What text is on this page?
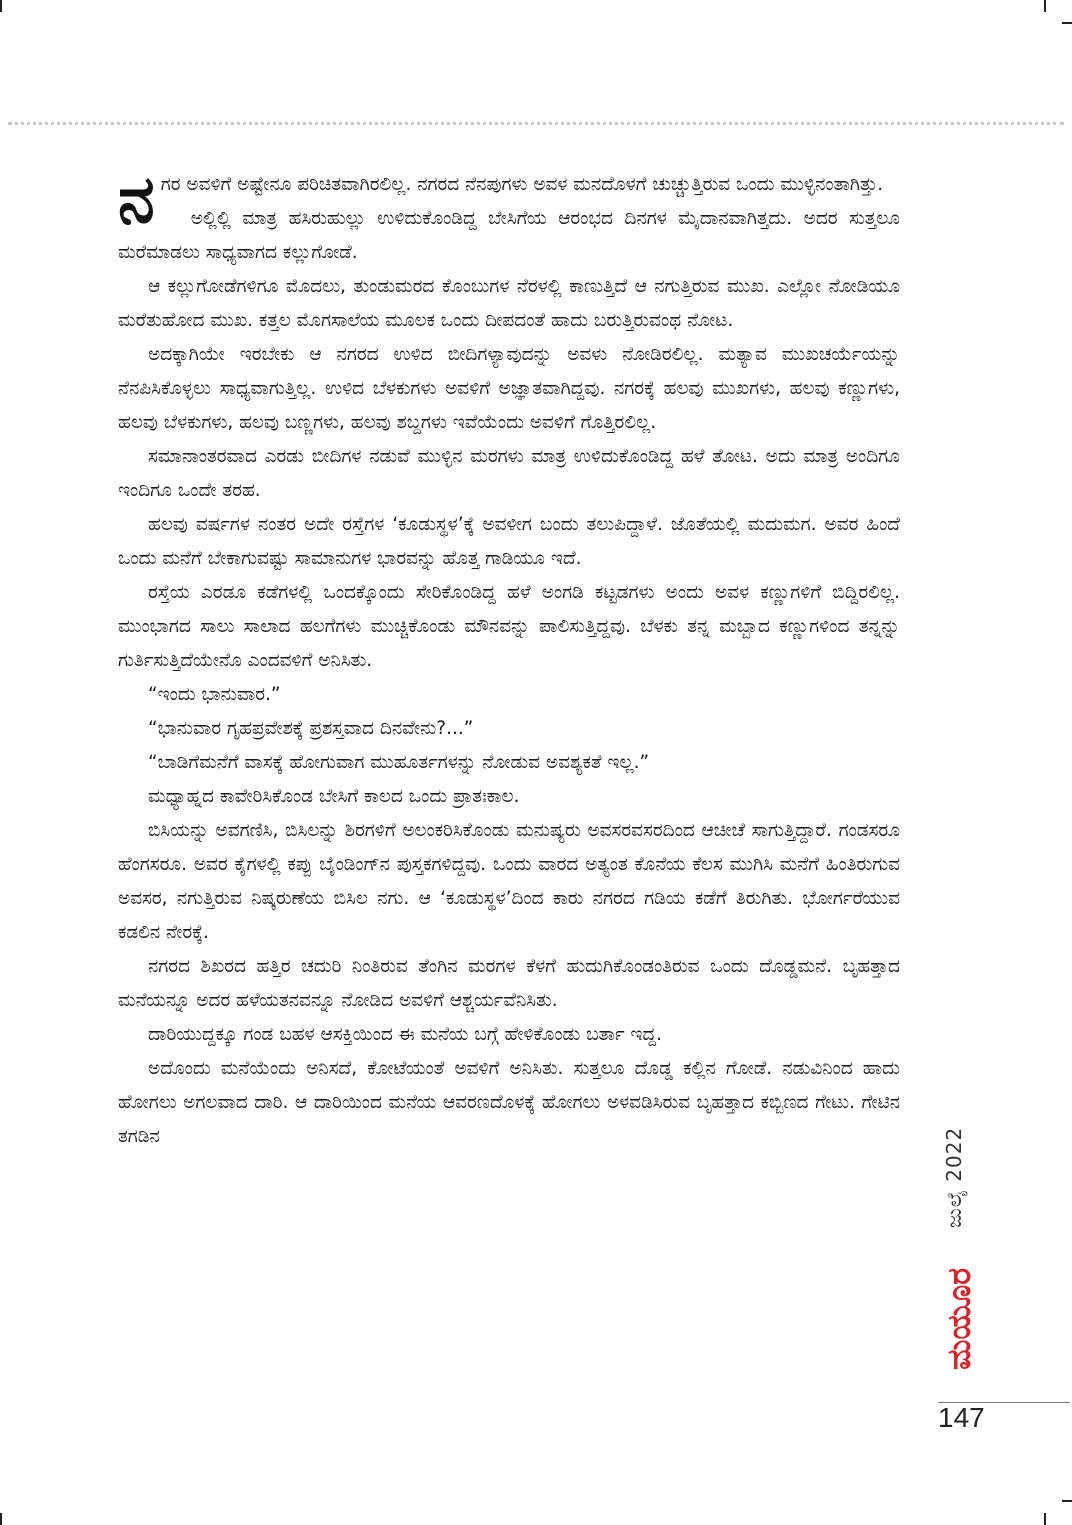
ನಗರ ಅವಳಿಗೆ ಅಷ್ಟೇನೂ ಪರಿಚಿತವಾಗಿರಲಿಲ್ಲ. ನಗರದ ನೆನಪುಗಳು ಅವಳ ಮನದೊಳಗೆ ಚುಚ್ಚುತ್ತಿರುವ ಒಂದು ಮುಳ್ಳಿನಂತಾಗಿತ್ತು.

ಅಲ್ಲಿಲ್ಲಿ ಮಾತ್ರ ಹಸಿರುಹುಲ್ಲು ಉಳಿದುಕೊಂಡಿದ್ದ ಬೇಸಿಗೆಯ ಆರಂಭದ ದಿನಗಳ ಮೈದಾನವಾಗಿತ್ತದು. ಅದರ ಸುತ್ತಲೂ ಮರೆಮಾಡಲು ಸಾಧ್ಯವಾಗದ ಕಲ್ಲುಗೋಡೆ.

ಆ ಕಲ್ಲುಗೋಡೆಗಳಿಗೂ ಮೊದಲು, ತುಂಡುಮರದ ಕೊಂಬುಗಳ ನೆರಳಲ್ಲಿ ಕಾಣುತ್ತಿದೆ ಆ ನಗುತ್ತಿರುವ ಮುಖ. ಎಲ್ಲೋ ನೋಡಿಯೂ ಮರೆತುಹೋದ ಮುಖ. ಕತ್ತಲ ಮೊಗಸಾಲೆಯ ಮೂಲಕ ಒಂದು ದೀಪದಂತೆ ಹಾದು ಬರುತ್ತಿರುವಂಥ ನೋಟ.

ಅದಕ್ಕಾಗಿಯೇ ಇರಬೇಕು ಆ ನಗರದ ಉಳಿದ ಬೀದಿಗಳ್ಯಾವುದನ್ನು ಅವಳು ನೋಡಿರಲಿಲ್ಲ. ಮತ್ಯಾವ ಮುಖಚರ್ಯೆಯನ್ನು ನೆನಪಿಸಿಕೊಳ್ಳಲು ಸಾಧ್ಯವಾಗುತ್ತಿಲ್ಲ. ಉಳಿದ ಬೆಳಕುಗಳು ಅವಳಿಗೆ ಅಜ್ಞಾತವಾಗಿದ್ದವು. ನಗರಕ್ಕೆ ಹಲವು ಮುಖಗಳು, ಹಲವು ಕಣ್ಣುಗಳು, ಹಲವು ಬೆಳಕುಗಳು, ಹಲವು ಬಣ್ಣಗಳು, ಹಲವು ಶಬ್ದಗಳು ಇವೆಯೆಂದು ಅವಳಿಗೆ ಗೊತ್ತಿರಲಿಲ್ಲ.

ಸಮಾನಾಂತರವಾದ ಎರಡು ಬೀದಿಗಳ ನಡುವೆ ಮುಳ್ಳಿನ ಮರಗಳು ಮಾತ್ರ ಉಳಿದುಕೊಂಡಿದ್ದ ಹಳೆ ತೋಟ. ಅದು ಮಾತ್ರ ಅಂದಿಗೂ ಇಂದಿಗೂ ಒಂದೇ ತರಹ.

ಹಲವು ವರ್ಷಗಳ ನಂತರ ಅದೇ ರಸ್ತೆಗಳ ‘ಕೂಡುಸ್ಥಳ’ಕ್ಕೆ ಅವಳೀಗ ಬಂದು ತಲುಪಿದ್ದಾಳೆ. ಜೊತೆಯಲ್ಲಿ ಮದುಮಗ. ಅವರ ಹಿಂದೆ ಒಂದು ಮನೆಗೆ ಬೇಕಾಗುವಷ್ಟು ಸಾಮಾನುಗಳ ಭಾರವನ್ನು ಹೊತ್ತ ಗಾಡಿಯೂ ಇದೆ.

ರಸ್ತೆಯ ಎರಡೂ ಕಡೆಗಳಲ್ಲಿ ಒಂದಕ್ಕೊಂದು ಸೇರಿಕೊಂಡಿದ್ದ ಹಳೆ ಅಂಗಡಿ ಕಟ್ಟಡಗಳು ಅಂದು ಅವಳ ಕಣ್ಣುಗಳಿಗೆ ಬಿದ್ದಿರಲಿಲ್ಲ. ಮುಂಭಾಗದ ಸಾಲು ಸಾಲಾದ ಹಲಗೆಗಳು ಮುಚ್ಚಿಕೊಂಡು ಮೌನವನ್ನು ಪಾಲಿಸುತ್ತಿದ್ದವು. ಬೆಳಕು ತನ್ನ ಮಬ್ಬಾದ ಕಣ್ಣುಗಳಿಂದ ತನ್ನನ್ನು ಗುರ್ತಿಸುತ್ತಿದೆಯೇನೊ ಎಂದವಳಿಗೆ ಅನಿಸಿತು.

“ಇಂದು ಭಾನುವಾರ.”

“ಭಾನುವಾರ ಗೃಹಪ್ರವೇಶಕ್ಕೆ ಪ್ರಶಸ್ತವಾದ ದಿನವೇನು?...”

“ಬಾಡಿಗೆಮನೆಗೆ ವಾಸಕ್ಕೆ ಹೋಗುವಾಗ ಮುಹೂರ್ತಗಳನ್ನು ನೋಡುವ ಅವಶ್ಯಕತೆ ಇಲ್ಲ.”

ಮಧ್ಯಾಹ್ನದ ಕಾವೇರಿಸಿಕೊಂಡ ಬೇಸಿಗೆ ಕಾಲದ ಒಂದು ಪ್ರಾತಃಕಾಲ.

ಬಿಸಿಯನ್ನು ಅವಗಣಿಸಿ, ಬಿಸಿಲನ್ನು ಶಿರಗಳಿಗೆ ಅಲಂಕರಿಸಿಕೊಂಡು ಮನುಷ್ಯರು ಅವಸರವಸರದಿಂದ ಆಚೀಚೆ ಸಾಗುತ್ತಿದ್ದಾರೆ. ಗಂಡಸರೂ ಹೆಂಗಸರೂ. ಅವರ ಕೈಗಳಲ್ಲಿ ಕಪ್ಪು ಬೈಂಡಿಂಗ್‌ನ ಪುಸ್ತಕಗಳಿದ್ದವು. ಒಂದು ವಾರದ ಅತ್ಯಂತ ಕೊನೆಯ ಕೆಲಸ ಮುಗಿಸಿ ಮನೆಗೆ ಹಿಂತಿರುಗುವ ಅವಸರ, ನಗುತ್ತಿರುವ ನಿಷ್ಕರುಣೆಯ ಬಿಸಿಲ ನಗು. ಆ ‘ಕೂಡುಸ್ಥಳ’ದಿಂದ ಕಾರು ನಗರದ ಗಡಿಯ ಕಡೆಗೆ ತಿರುಗಿತು. ಭೋರ್ಗರೆಯುವ ಕಡಲಿನ ನೇರಕ್ಕೆ.

ನಗರದ ಶಿಖರದ ಹತ್ತಿರ ಚದುರಿ ನಿಂತಿರುವ ತೆಂಗಿನ ಮರಗಳ ಕೆಳಗೆ ಹುದುಗಿಕೊಂಡಂತಿರುವ ಒಂದು ದೊಡ್ಡಮನೆ. ಬೃಹತ್ತಾದ ಮನೆಯನ್ನೂ ಅದರ ಹಳೆಯತನವನ್ನೂ ನೋಡಿದ ಅವಳಿಗೆ ಆಶ್ಚರ್ಯವೆನಿಸಿತು.

ದಾರಿಯುದ್ದಕ್ಕೂ ಗಂಡ ಬಹಳ ಆಸಕ್ತಿಯಿಂದ ಈ ಮನೆಯ ಬಗ್ಗೆ ಹೇಳಿಕೊಂಡು ಬರ್ತಾ ಇದ್ದ.

ಅದೊಂದು ಮನೆಯೆಂದು ಅನಿಸದೆ, ಕೋಟೆಯಂತೆ ಅವಳಿಗೆ ಅನಿಸಿತು. ಸುತ್ತಲೂ ದೊಡ್ಡ ಕಲ್ಲಿನ ಗೋಡೆ. ನಡುವಿನಿಂದ ಹಾದು ಹೋಗಲು ಅಗಲವಾದ ದಾರಿ. ಆ ದಾರಿಯಿಂದ ಮನೆಯ ಆವರಣದೊಳಕ್ಕೆ ಹೋಗಲು ಅಳವಡಿಸಿರುವ ಬೃಹತ್ತಾದ ಕಬ್ಬಿಣದ ಗೇಟು. ಗೇಟಿನ ತಗಡಿನ	ಜುಲೈ 2022
ಮಯೂರ
147
